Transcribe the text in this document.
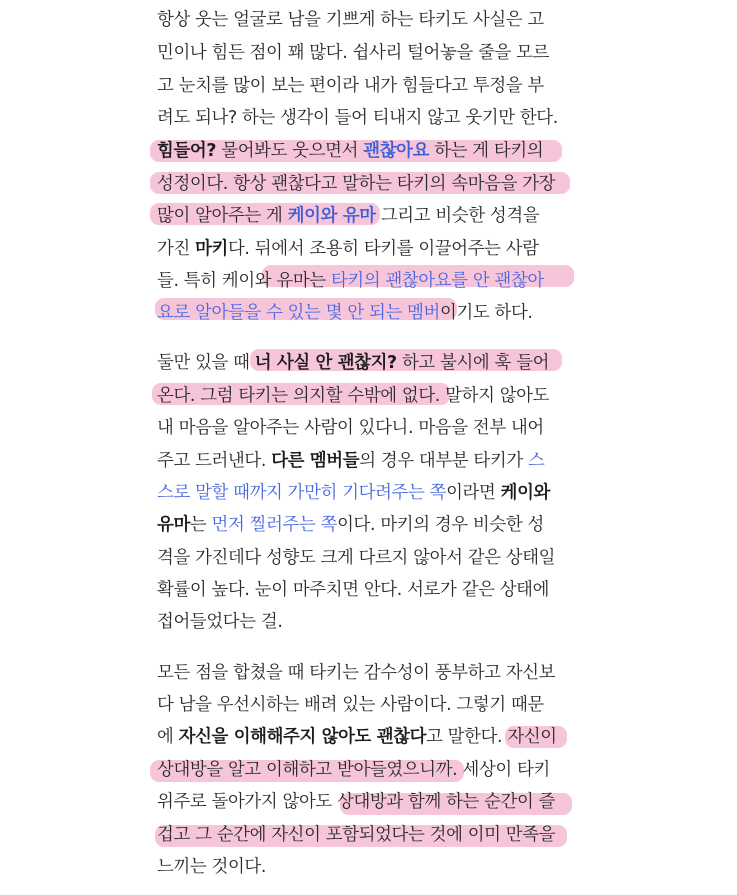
항상 웃는 얼굴로 남을 기쁘게 하는 타키도 사실은 고
민이나 힘든 점이 꽤 많다. 쉽사리 털어놓을 줄을 모르
고 눈치를 많이 보는 편이라 내가 힘들다고 투정을 부
려도 되나? 하는 생각이 들어 티내지 않고 웃기만 한다.
힘들어? 물어봐도 웃으면서 괜찮아요 하는 게 타키의
성정이다. 항상 괜찮다고 말하는 타키의 속마음을 가장
많이 알아주는 게 케이와 유마 그리고 비슷한 성격을
가진 마키다. 뒤에서 조용히 타키를 이끌어주는 사람
들. 특히 케이와 유마는 타키의 괜찮아요를 안 괜찮아
요로 알아들을 수 있는 몇 안 되는 멤버이기도 하다.
둘만 있을 때 너 사실 안 괜찮지? 하고 불시에 훅 들어
온다. 그럼 타키는 의지할 수밖에 없다. 말하지 않아도
내 마음을 알아주는 사람이 있다니. 마음을 전부 내어
주고 드러낸다. 다른 멤버들의 경우 대부분 타키가 스
스로 말할 때까지 가만히 기다려주는 쪽이라면 케이와
유마는 먼저 찔러주는 쪽이다. 마키의 경우 비슷한 성
격을 가진데다 성향도 크게 다르지 않아서 같은 상태일
확률이 높다. 눈이 마주치면 안다. 서로가 같은 상태에
접어들었다는 걸.
모든 점을 합쳤을 때 타키는 감수성이 풍부하고 자신보
다 남을 우선시하는 배려 있는 사람이다. 그렇기 때문
에 자신을 이해해주지 않아도 괜찮다고 말한다. 자신이
상대방을 알고 이해하고 받아들였으니까. 세상이 타키
위주로 돌아가지 않아도 상대방과 함께 하는 순간이 즐
겁고 그 순간에 자신이 포함되었다는 것에 이미 만족을
느끼는 것이다.
